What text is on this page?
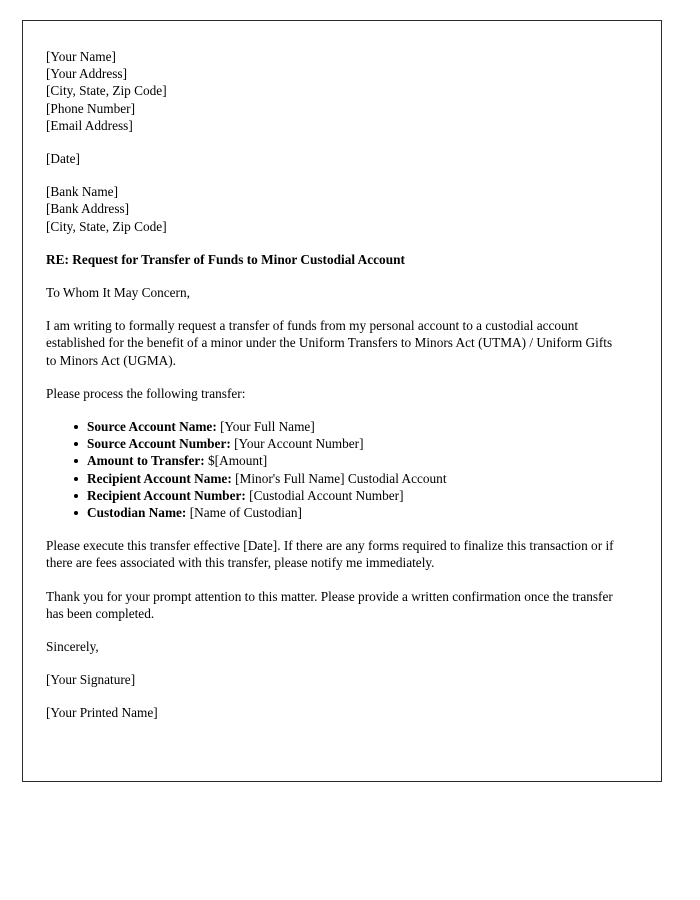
[Your Name]
[Your Address]
[City, State, Zip Code]
[Phone Number]
[Email Address]
[Date]
[Bank Name]
[Bank Address]
[City, State, Zip Code]
RE: Request for Transfer of Funds to Minor Custodial Account
To Whom It May Concern,
I am writing to formally request a transfer of funds from my personal account to a custodial account established for the benefit of a minor under the Uniform Transfers to Minors Act (UTMA) / Uniform Gifts to Minors Act (UGMA).
Please process the following transfer:
Source Account Name: [Your Full Name]
Source Account Number: [Your Account Number]
Amount to Transfer: $[Amount]
Recipient Account Name: [Minor's Full Name] Custodial Account
Recipient Account Number: [Custodial Account Number]
Custodian Name: [Name of Custodian]
Please execute this transfer effective [Date]. If there are any forms required to finalize this transaction or if there are fees associated with this transfer, please notify me immediately.
Thank you for your prompt attention to this matter. Please provide a written confirmation once the transfer has been completed.
Sincerely,
[Your Signature]
[Your Printed Name]
